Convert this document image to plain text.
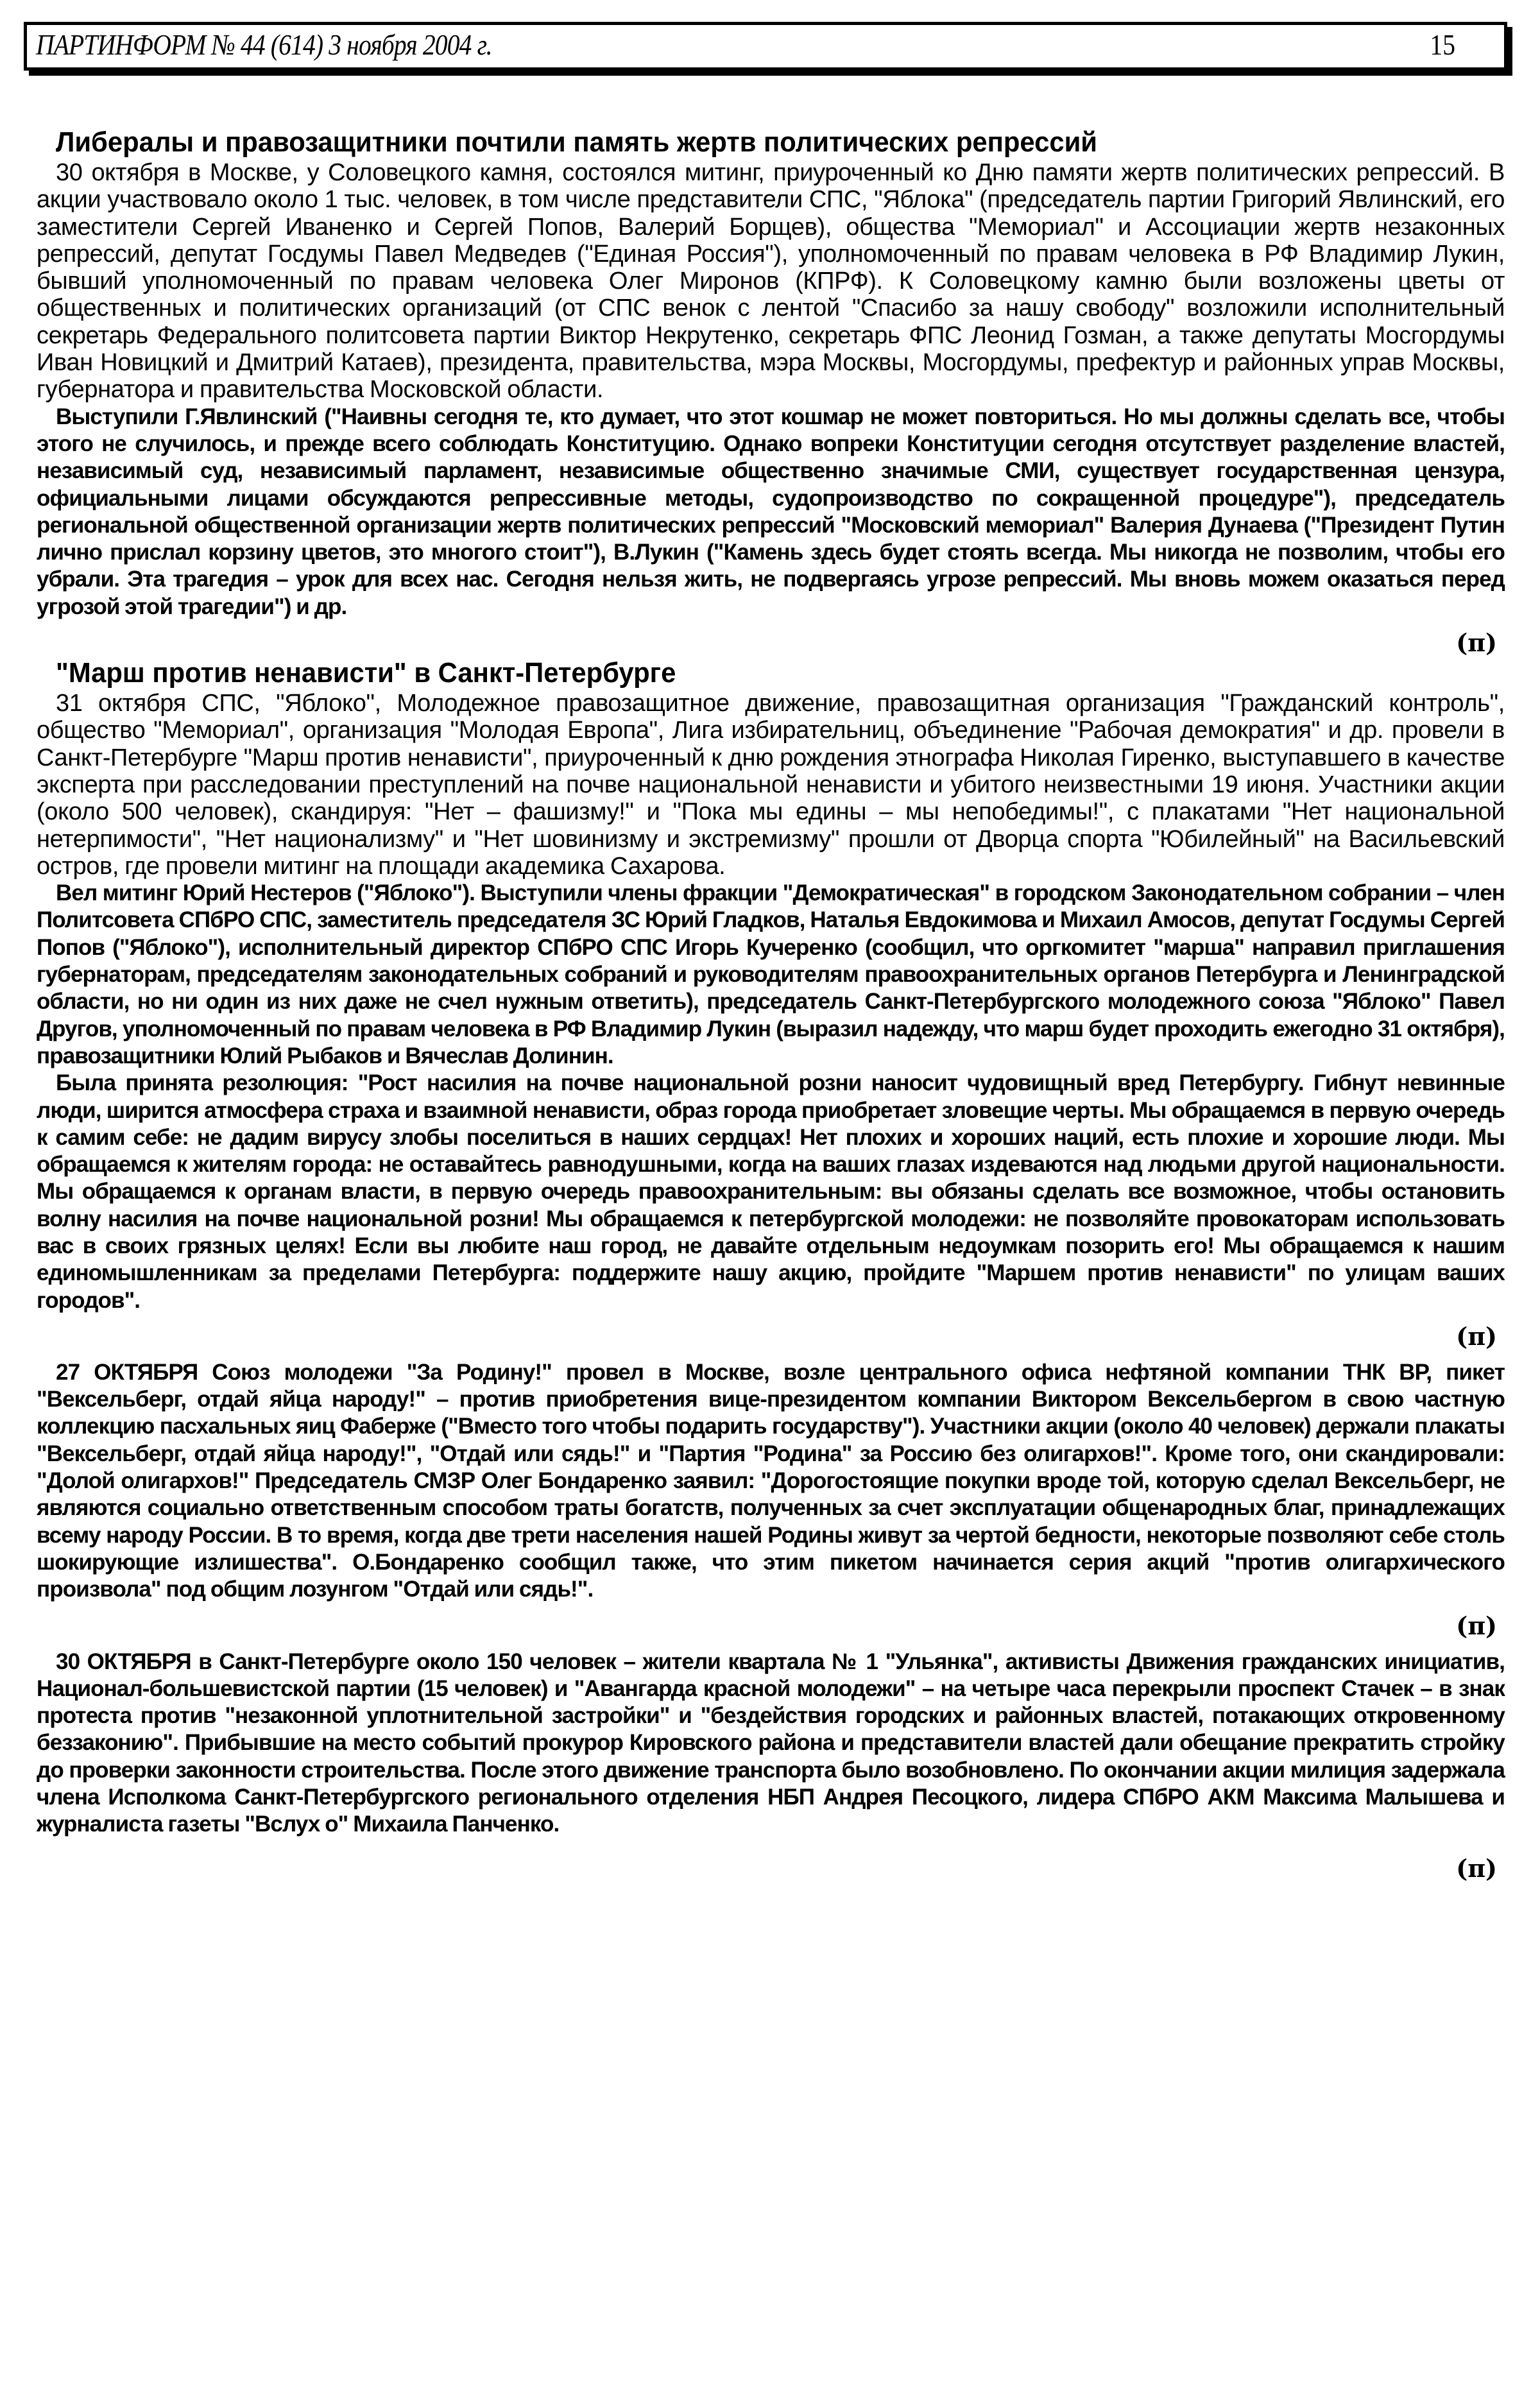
ПАРТИНФОРМ № 44 (614) 3 ноября 2004 г.	15
Либералы и правозащитники почтили память жертв политических репрессий

30 октября в Москве, у Соловецкого камня, состоялся митинг, приуроченный ко Дню памяти жертв политических репрессий. В акции участвовало около 1 тыс. человек, в том числе представители СПС, "Яблока" (председатель партии Григорий Явлинский, его заместители Сергей Иваненко и Сергей Попов, Валерий Борщев), общества "Мемориал" и Ассоциации жертв незаконных репрессий, депутат Госдумы Павел Медведев ("Единая Россия"), уполномоченный по правам человека в РФ Владимир Лукин, бывший уполномоченный по правам человека Олег Миронов (КПРФ). К Соловецкому камню были возложены цветы от общественных и политических организаций (от СПС венок с лентой "Спасибо за нашу свободу" возложили исполнительный секретарь Федерального политсовета партии Виктор Некрутенко, секретарь ФПС Леонид Гозман, а также депутаты Мосгордумы Иван Новицкий и Дмитрий Катаев), президента, правительства, мэра Москвы, Мосгордумы, префектур и районных управ Москвы, губернатора и правительства Московской области.

Выступили Г.Явлинский ("Наивны сегодня те, кто думает, что этот кошмар не может повториться. Но мы должны сделать все, чтобы этого не случилось, и прежде всего соблюдать Конституцию. Однако вопреки Конституции сегодня отсутствует разделение властей, независимый суд, независимый парламент, независимые общественно значимые СМИ, существует государственная цензура, официальными лицами обсуждаются репрессивные методы, судопроизводство по сокращенной процедуре"), председатель региональной общественной организации жертв политических репрессий "Московский мемориал" Валерия Дунаева ("Президент Путин лично прислал корзину цветов, это многого стоит"), В.Лукин ("Камень здесь будет стоять всегда. Мы никогда не позволим, чтобы его убрали. Эта трагедия – урок для всех нас. Сегодня нельзя жить, не подвергаясь угрозе репрессий. Мы вновь можем оказаться перед угрозой этой трагедии") и др.

(π)
"Марш против ненависти" в Санкт-Петербурге

31 октября СПС, "Яблоко", Молодежное правозащитное движение, правозащитная организация "Гражданский контроль", общество "Мемориал", организация "Молодая Европа", Лига избирательниц, объединение "Рабочая демократия" и др. провели в Санкт-Петербурге "Марш против ненависти", приуроченный к дню рождения этнографа Николая Гиренко, выступавшего в качестве эксперта при расследовании преступлений на почве национальной ненависти и убитого неизвестными 19 июня. Участники акции (около 500 человек), скандируя: "Нет – фашизму!" и "Пока мы едины – мы непобедимы!", с плакатами "Нет национальной нетерпимости", "Нет национализму" и "Нет шовинизму и экстремизму" прошли от Дворца спорта "Юбилейный" на Васильевский остров, где провели митинг на площади академика Сахарова.

Вел митинг Юрий Нестеров ("Яблоко"). Выступили члены фракции "Демократическая" в городском Законодательном собрании – член Политсовета СПбРО СПС, заместитель председателя ЗС Юрий Гладков, Наталья Евдокимова и Михаил Амосов, депутат Госдумы Сергей Попов ("Яблоко"), исполнительный директор СПбРО СПС Игорь Кучеренко (сообщил, что оргкомитет "марша" направил приглашения губернаторам, председателям законодательных собраний и руководителям правоохранительных органов Петербурга и Ленинградской области, но ни один из них даже не счел нужным ответить), председатель Санкт-Петербургского молодежного союза "Яблоко" Павел Другов, уполномоченный по правам человека в РФ Владимир Лукин (выразил надежду, что марш будет проходить ежегодно 31 октября), правозащитники Юлий Рыбаков и Вячеслав Долинин.

Была принята резолюция: "Рост насилия на почве национальной розни наносит чудовищный вред Петербургу. Гибнут невинные люди, ширится атмосфера страха и взаимной ненависти, образ города приобретает зловещие черты. Мы обращаемся в первую очередь к самим себе: не дадим вирусу злобы поселиться в наших сердцах! Нет плохих и хороших наций, есть плохие и хорошие люди. Мы обращаемся к жителям города: не оставайтесь равнодушными, когда на ваших глазах издеваются над людьми другой национальности. Мы обращаемся к органам власти, в первую очередь правоохранительным: вы обязаны сделать все возможное, чтобы остановить волну насилия на почве национальной розни! Мы обращаемся к петербургской молодежи: не позволяйте провокаторам использовать вас в своих грязных целях! Если вы любите наш город, не давайте отдельным недоумкам позорить его! Мы обращаемся к нашим единомышленникам за пределами Петербурга: поддержите нашу акцию, пройдите "Маршем против ненависти" по улицам ваших городов".

(π)

27 ОКТЯБРЯ Союз молодежи "За Родину!" провел в Москве, возле центрального офиса нефтяной компании ТНК ВР, пикет "Вексельберг, отдай яйца народу!" – против приобретения вице-президентом компании Виктором Вексельбергом в свою частную коллекцию пасхальных яиц Фаберже ("Вместо того чтобы подарить государству"). Участники акции (около 40 человек) держали плакаты "Вексельберг, отдай яйца народу!", "Отдай или сядь!" и "Партия "Родина" за Россию без олигархов!". Кроме того, они скандировали: "Долой олигархов!" Председатель СМЗР Олег Бондаренко заявил: "Дорогостоящие покупки вроде той, которую сделал Вексельберг, не являются социально ответственным способом траты богатств, полученных за счет эксплуатации общенародных благ, принадлежащих всему народу России. В то время, когда две трети населения нашей Родины живут за чертой бедности, некоторые позволяют себе столь шокирующие излишества". О.Бондаренко сообщил также, что этим пикетом начинается серия акций "против олигархического произвола" под общим лозунгом "Отдай или сядь!".

(π)

30 ОКТЯБРЯ в Санкт-Петербурге около 150 человек – жители квартала № 1 "Ульянка", активисты Движения гражданских инициатив, Национал-большевистской партии (15 человек) и "Авангарда красной молодежи" – на четыре часа перекрыли проспект Стачек – в знак протеста против "незаконной уплотнительной застройки" и "бездействия городских и районных властей, потакающих откровенному беззаконию". Прибывшие на место событий прокурор Кировского района и представители властей дали обещание прекратить стройку до проверки законности строительства. После этого движение транспорта было возобновлено. По окончании акции милиция задержала члена Исполкома Санкт-Петербургского регионального отделения НБП Андрея Песоцкого, лидера СПбРО АКМ Максима Малышева и журналиста газеты "Вслух о" Михаила Панченко.

(π)
